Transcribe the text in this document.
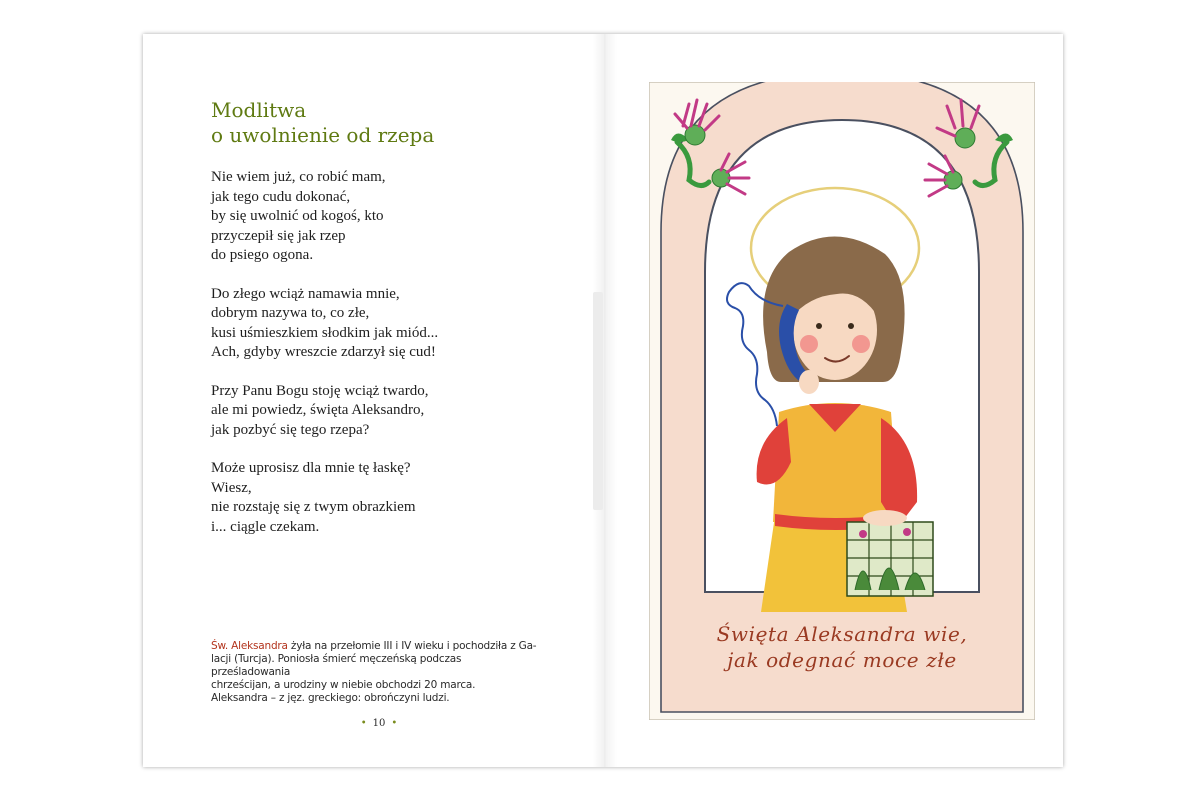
Modlitwa
o uwolnienie od rzepa
Nie wiem już, co robić mam,
jak tego cudu dokonać,
by się uwolnić od kogoś, kto
przyczepił się jak rzep
do psiego ogona.
Do złego wciąż namawia mnie,
dobrym nazywa to, co złe,
kusi uśmieszkiem słodkim jak miód...
Ach, gdyby wreszcie zdarzył się cud!
Przy Panu Bogu stoję wciąż twardo,
ale mi powiedz, święta Aleksandro,
jak pozbyć się tego rzepa?
Może uprosisz dla mnie tę łaskę?
Wiesz,
nie rozstaję się z twym obrazkiem
i... ciągle czekam.
Św. Aleksandra żyła na przełomie III i IV wieku i pochodziła z Ga-
lacji (Turcja). Poniosła śmierć męczeńską podczas prześladowania
chrześcijan, a urodziny w niebie obchodzi 20 marca.
Aleksandra – z jęz. greckiego: obrończyni ludzi.
• 10 •
Święta Aleksandra wie,
jak odegnać moce złe
